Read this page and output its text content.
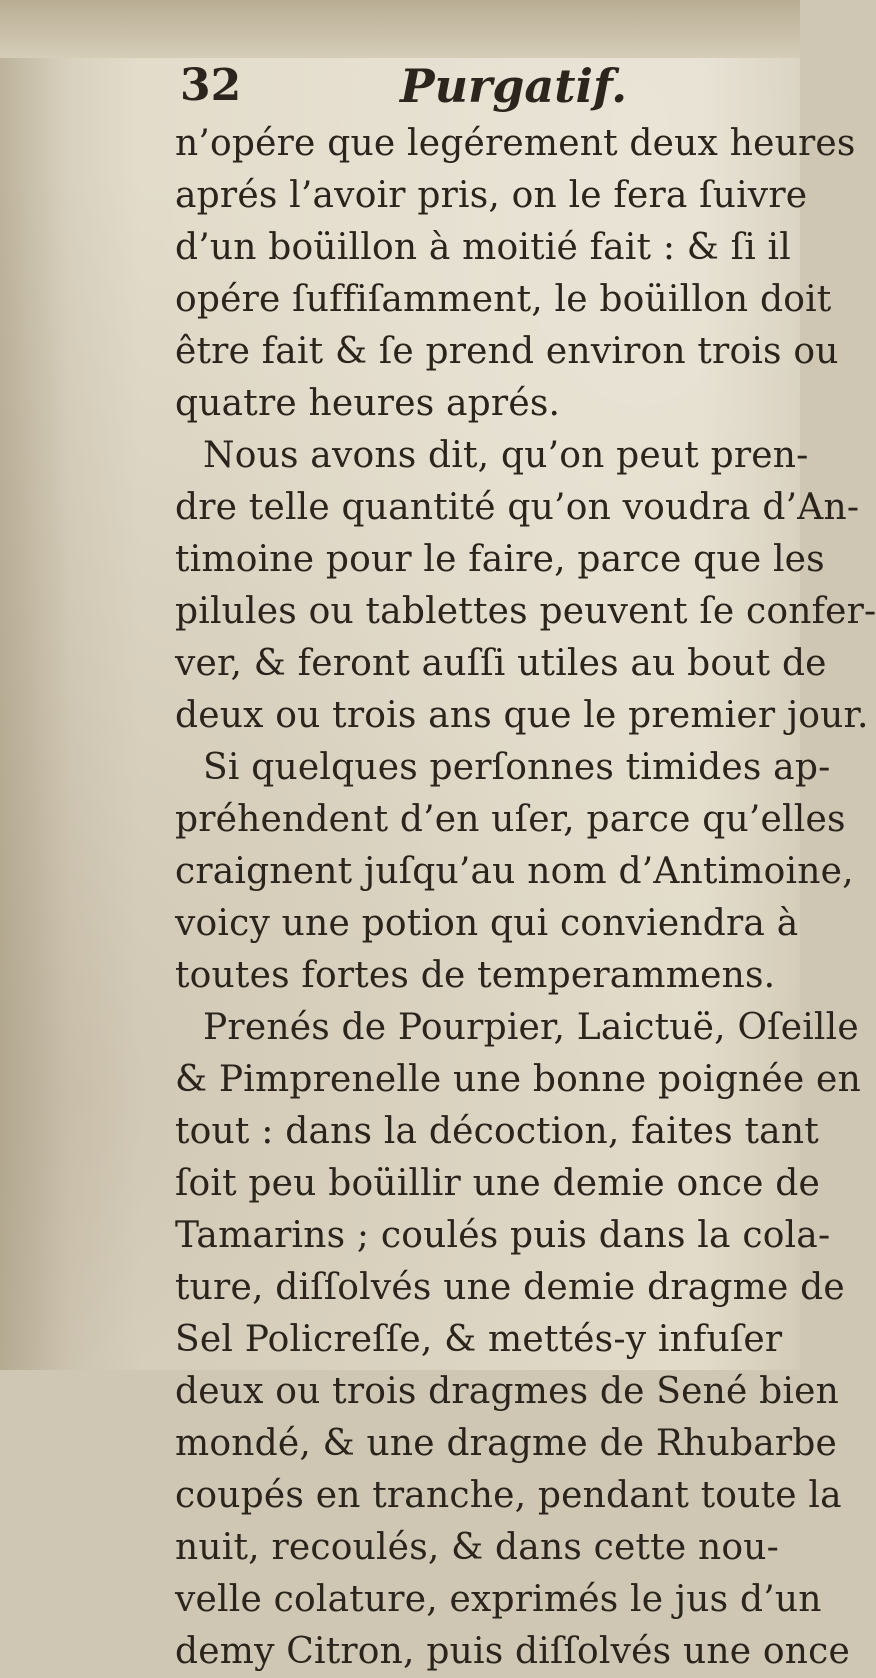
32	Purgatif.
n’opére que legérement deux heures
aprés l’avoir pris, on le fera ſuivre
d’un boüillon à moitié fait : & ſi il
opére ſuffiſamment, le boüillon doit
être fait & ſe prend environ trois ou
quatre heures aprés.
Nous avons dit, qu’on peut pren-
dre telle quantité qu’on voudra d’An-
timoine pour le faire, parce que les
pilules ou tablettes peuvent ſe confer-
ver, & feront auſſi utiles au bout de
deux ou trois ans que le premier jour.
Si quelques perſonnes timides ap-
préhendent d’en uſer, parce qu’elles
craignent juſqu’au nom d’Antimoine,
voicy une potion qui conviendra à
toutes fortes de temperammens.
Prenés de Pourpier, Laictuë, Oſeille
& Pimprenelle une bonne poignée en
tout : dans la décoction, faites tant
ſoit peu boüillir une demie once de
Tamarins ; coulés puis dans la cola-
ture, diſſolvés une demie dragme de
Sel Policreſſe, & mettés-y infuſer
deux ou trois dragmes de Sené bien
mondé, & une dragme de Rhubarbe
coupés en tranche, pendant toute la
nuit, recoulés, & dans cette nou-
velle colature, exprimés le jus d’un
demy Citron, puis diſſolvés une once
